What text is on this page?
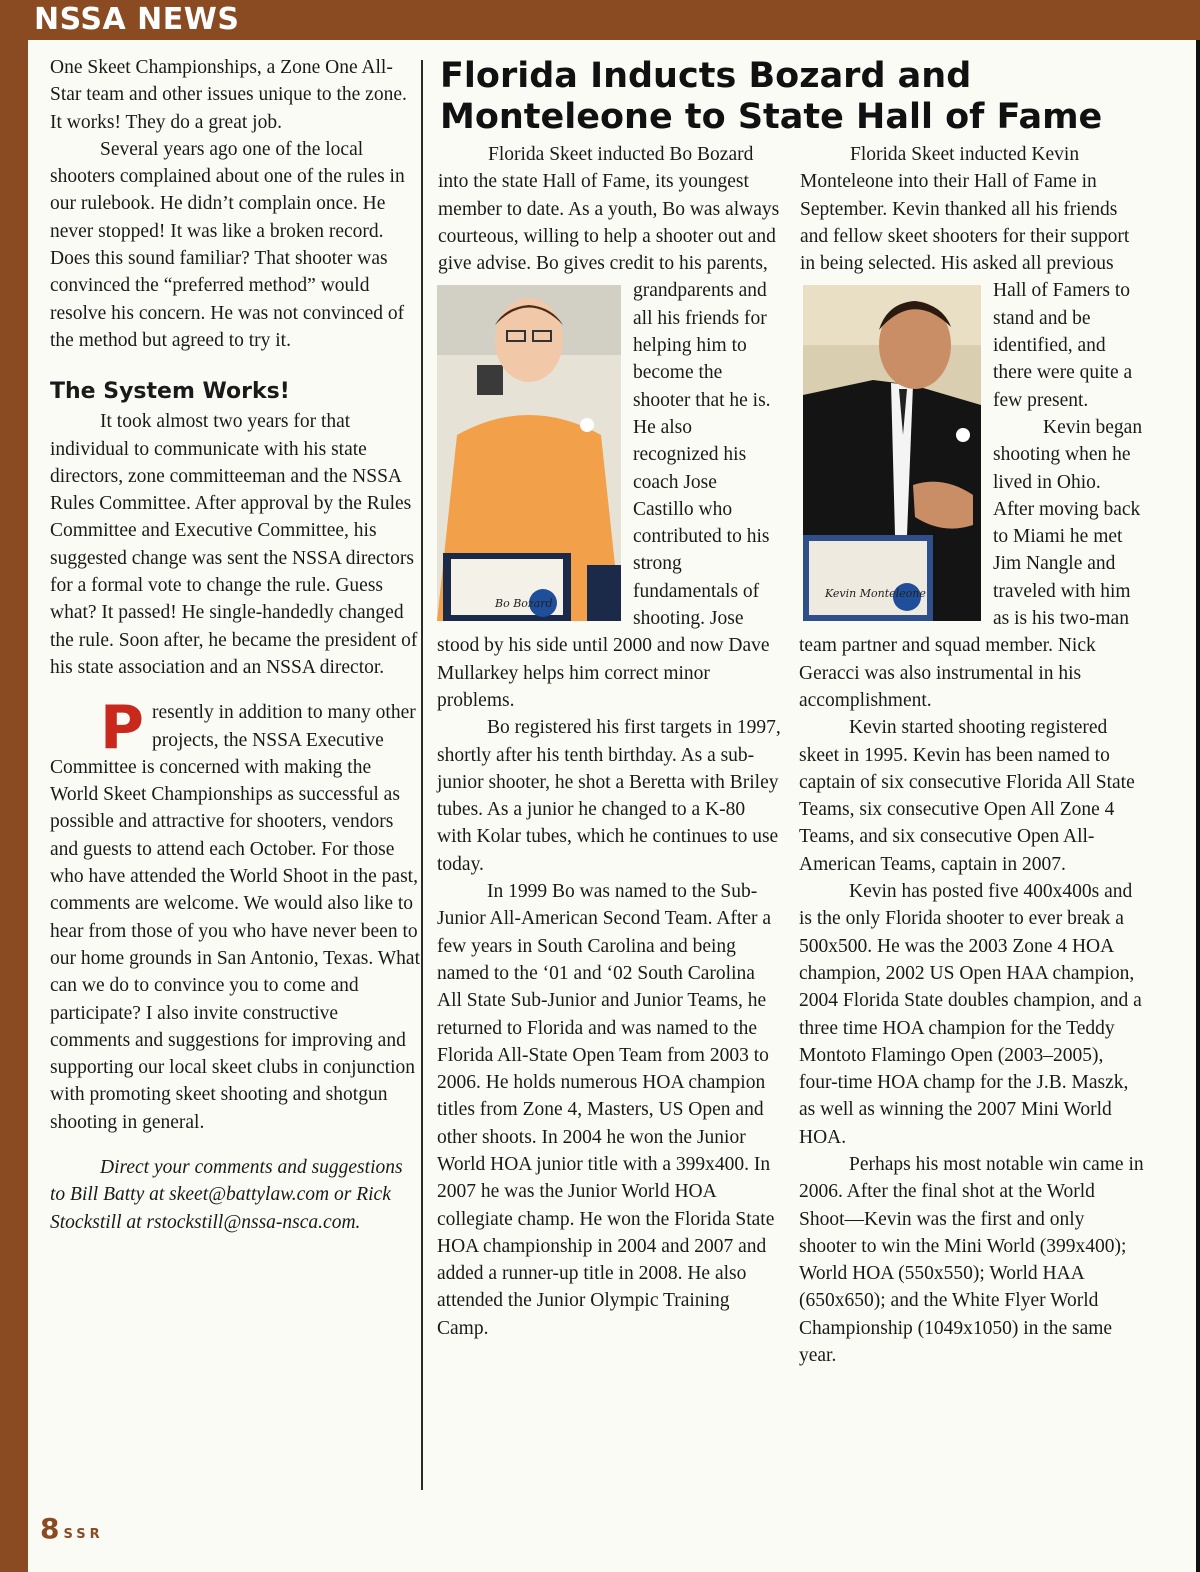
NSSA NEWS

One Skeet Championships, a Zone One All-Star team and other issues unique to the zone. It works! They do a great job.

Several years ago one of the local shooters complained about one of the rules in our rulebook. He didn’t complain once. He never stopped! It was like a broken record. Does this sound familiar? That shooter was convinced the “preferred method” would resolve his concern. He was not convinced of the method but agreed to try it.

The System Works!

It took almost two years for that individual to communicate with his state directors, zone committeeman and the NSSA Rules Committee. After approval by the Rules Committee and Executive Committee, his suggested change was sent the NSSA directors for a formal vote to change the rule. Guess what? It passed! He single-handedly changed the rule. Soon after, he became the president of his state association and an NSSA director.

Presently in addition to many other projects, the NSSA Executive Committee is concerned with making the World Skeet Championships as successful as possible and attractive for shooters, vendors and guests to attend each October. For those who have attended the World Shoot in the past, comments are welcome. We would also like to hear from those of you who have never been to our home grounds in San Antonio, Texas. What can we do to convince you to come and participate? I also invite constructive comments and suggestions for improving and supporting our local skeet clubs in conjunction with promoting skeet shooting and shotgun shooting in general.

Direct your comments and suggestions to Bill Batty at skeet@battylaw.com or Rick Stockstill at rstockstill@nssa-nsca.com.

Florida Inducts Bozard and Monteleone to State Hall of Fame

Florida Skeet inducted Bo Bozard into the state Hall of Fame, its youngest member to date. As a youth, Bo was always courteous, willing to help a shooter out and give advise. Bo gives credit to his parents, grandparents and all his friends for helping him to become the shooter that he is. He also recognized his coach Jose Castillo who contributed to his strong fundamentals of shooting. Jose stood by his side until 2000 and now Dave Mullarkey helps him correct minor problems.

Bo registered his first targets in 1997, shortly after his tenth birthday. As a sub-junior shooter, he shot a Beretta with Briley tubes. As a junior he changed to a K-80 with Kolar tubes, which he continues to use today.

In 1999 Bo was named to the Sub-Junior All-American Second Team. After a few years in South Carolina and being named to the ‘01 and ‘02 South Carolina All State Sub-Junior and Junior Teams, he returned to Florida and was named to the Florida All-State Open Team from 2003 to 2006. He holds numerous HOA champion titles from Zone 4, Masters, US Open and other shoots. In 2004 he won the Junior World HOA junior title with a 399x400. In 2007 he was the Junior World HOA collegiate champ. He won the Florida State HOA championship in 2004 and 2007 and added a runner-up title in 2008. He also attended the Junior Olympic Training Camp.

Florida Skeet inducted Kevin Monteleone into their Hall of Fame in September. Kevin thanked all his friends and fellow skeet shooters for their support in being selected. His asked all previous Hall of Famers to stand and be identified, and there were quite a few present.

Kevin began shooting when he lived in Ohio. After moving back to Miami he met Jim Nangle and traveled with him as is his two-man team partner and squad member. Nick Geracci was also instrumental in his accomplishment.

Kevin started shooting registered skeet in 1995. Kevin has been named to captain of six consecutive Florida All State Teams, six consecutive Open All Zone 4 Teams, and six consecutive Open All-American Teams, captain in 2007.

Kevin has posted five 400x400s and is the only Florida shooter to ever break a 500x500. He was the 2003 Zone 4 HOA champion, 2002 US Open HAA champion, 2004 Florida State doubles champion, and a three time HOA champion for the Teddy Montoto Flamingo Open (2003–2005), four-time HOA champ for the J.B. Maszk, as well as winning the 2007 Mini World HOA.

Perhaps his most notable win came in 2006. After the final shot at the World Shoot—Kevin was the first and only shooter to win the Mini World (399x400); World HOA (550x550); World HAA (650x650); and the White Flyer World Championship (1049x1050) in the same year.

Bo Bozard
Kevin Monteleone
8 SSR
